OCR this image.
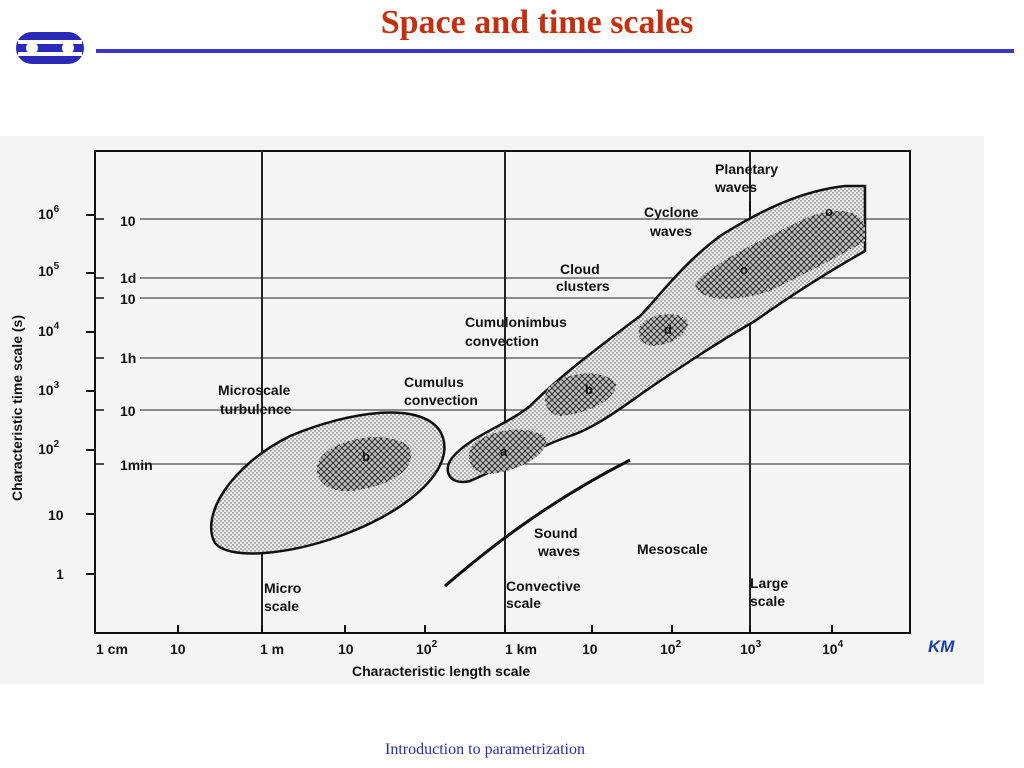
Space and time scales
o
o
d
b
a
b
Planetary
waves
Cyclone
waves
Cloud
clusters
Cumulonimbus
convection
Cumulus
convection
Microscale
turbulence
Sound
waves	Mesoscale
Micro
scale
Convective
scale
Large
scale
$10^6$
$10^5$
$10^4$
$10^3$
$10^2$
10
1
10
1d
10
1h
10
1min
Characteristic time scale (s)
1 cm	10	1 m	10	$10^2$	1 km	10	$10^2$	$10^3$	$10^4$
Characteristic length scale
KM
Introduction to parametrization
